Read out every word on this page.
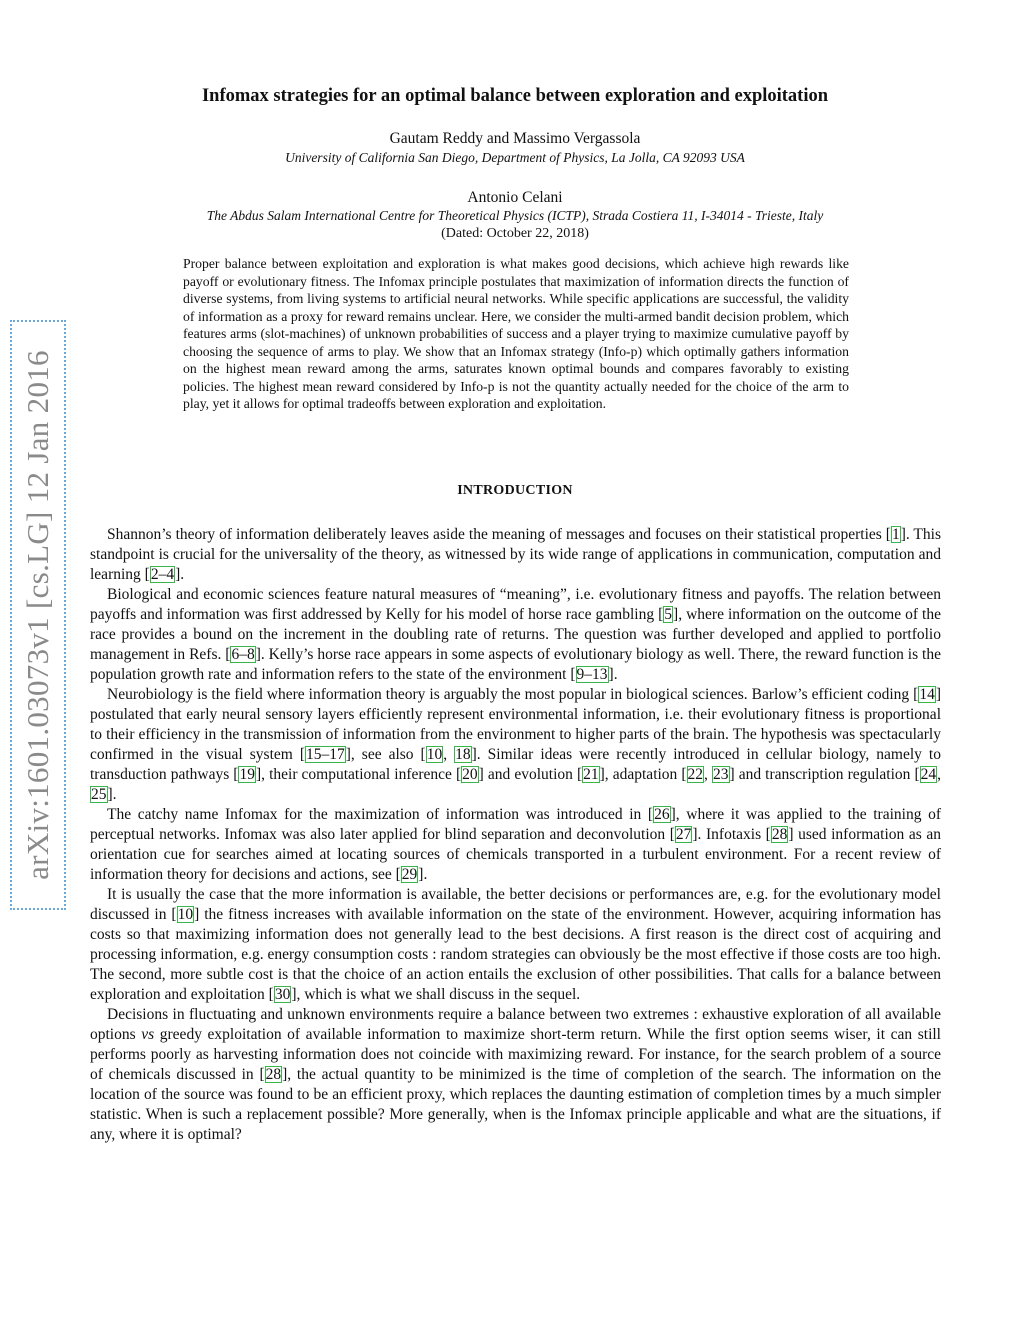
arXiv:1601.03073v1 [cs.LG] 12 Jan 2016
Infomax strategies for an optimal balance between exploration and exploitation
Gautam Reddy and Massimo Vergassola
University of California San Diego, Department of Physics, La Jolla, CA 92093 USA
Antonio Celani
The Abdus Salam International Centre for Theoretical Physics (ICTP), Strada Costiera 11, I-34014 - Trieste, Italy
(Dated: October 22, 2018)
Proper balance between exploitation and exploration is what makes good decisions, which achieve high rewards like payoff or evolutionary fitness. The Infomax principle postulates that maximization of information directs the function of diverse systems, from living systems to artificial neural networks. While specific applications are successful, the validity of information as a proxy for reward remains unclear. Here, we consider the multi-armed bandit decision problem, which features arms (slot-machines) of unknown probabilities of success and a player trying to maximize cumulative payoff by choosing the sequence of arms to play. We show that an Infomax strategy (Info-p) which optimally gathers information on the highest mean reward among the arms, saturates known optimal bounds and compares favorably to existing policies. The highest mean reward considered by Info-p is not the quantity actually needed for the choice of the arm to play, yet it allows for optimal tradeoffs between exploration and exploitation.
INTRODUCTION

Shannon’s theory of information deliberately leaves aside the meaning of messages and focuses on their statistical properties [1]. This standpoint is crucial for the universality of the theory, as witnessed by its wide range of applications in communication, computation and learning [2–4].

Biological and economic sciences feature natural measures of “meaning”, i.e. evolutionary fitness and payoffs. The relation between payoffs and information was first addressed by Kelly for his model of horse race gambling [5], where information on the outcome of the race provides a bound on the increment in the doubling rate of returns. The question was further developed and applied to portfolio management in Refs. [6–8]. Kelly’s horse race appears in some aspects of evolutionary biology as well. There, the reward function is the population growth rate and information refers to the state of the environment [9–13].

Neurobiology is the field where information theory is arguably the most popular in biological sciences. Barlow’s efficient coding [14] postulated that early neural sensory layers efficiently represent environmental information, i.e. their evolutionary fitness is proportional to their efficiency in the transmission of information from the environment to higher parts of the brain. The hypothesis was spectacularly confirmed in the visual system [15–17], see also [10, 18]. Similar ideas were recently introduced in cellular biology, namely to transduction pathways [19], their computational inference [20] and evolution [21], adaptation [22, 23] and transcription regulation [24, 25].

The catchy name Infomax for the maximization of information was introduced in [26], where it was applied to the training of perceptual networks. Infomax was also later applied for blind separation and deconvolution [27]. Infotaxis [28] used information as an orientation cue for searches aimed at locating sources of chemicals transported in a turbulent environment. For a recent review of information theory for decisions and actions, see [29].

It is usually the case that the more information is available, the better decisions or performances are, e.g. for the evolutionary model discussed in [10] the fitness increases with available information on the state of the environment. However, acquiring information has costs so that maximizing information does not generally lead to the best decisions. A first reason is the direct cost of acquiring and processing information, e.g. energy consumption costs : random strategies can obviously be the most effective if those costs are too high. The second, more subtle cost is that the choice of an action entails the exclusion of other possibilities. That calls for a balance between exploration and exploitation [30], which is what we shall discuss in the sequel.

Decisions in fluctuating and unknown environments require a balance between two extremes : exhaustive exploration of all available options vs greedy exploitation of available information to maximize short-term return. While the first option seems wiser, it can still performs poorly as harvesting information does not coincide with maximizing reward. For instance, for the search problem of a source of chemicals discussed in [28], the actual quantity to be minimized is the time of completion of the search. The information on the location of the source was found to be an efficient proxy, which replaces the daunting estimation of completion times by a much simpler statistic. When is such a replacement possible? More generally, when is the Infomax principle applicable and what are the situations, if any, where it is optimal?
